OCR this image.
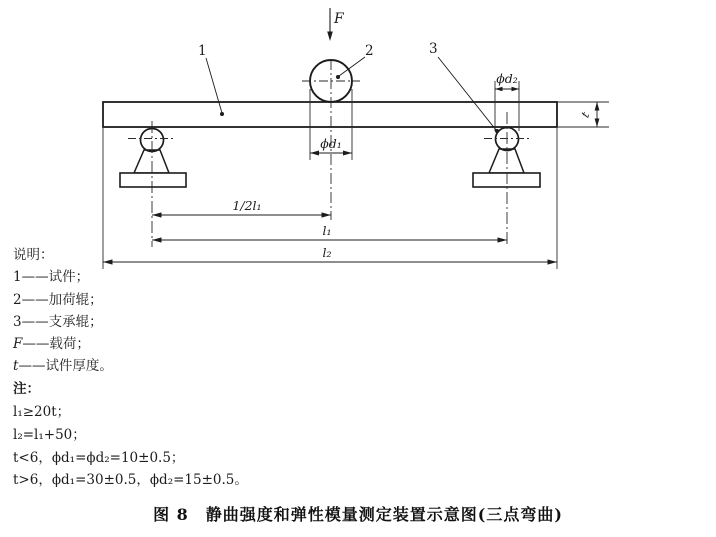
F
1	2	3
ϕd₁
ϕd₂
t
1/2l₁
l₁
l₂
说明：
1——试件；
2——加荷辊；
3——支承辊；
F——载荷；
t——试件厚度。
注：
l₁≥20t；
l₂=l₁+50；
t<6，ϕd₁=ϕd₂=10±0.5；
t>6，ϕd₁=30±0.5，ϕd₂=15±0.5。
图 8　静曲强度和弹性模量测定装置示意图(三点弯曲)
